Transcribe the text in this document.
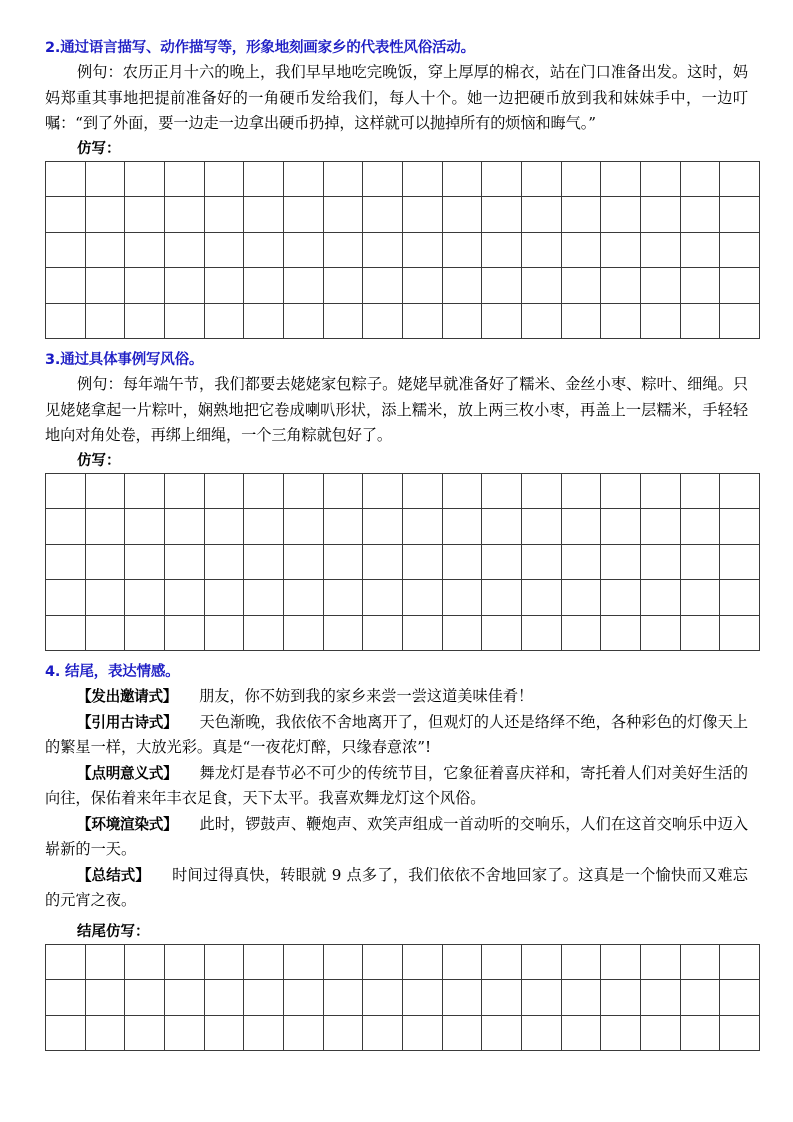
2.通过语言描写、动作描写等，形象地刻画家乡的代表性风俗活动。

例句：农历正月十六的晚上，我们早早地吃完晚饭，穿上厚厚的棉衣，站在门口准备出发。这时，妈妈郑重其事地把提前准备好的一角硬币发给我们，每人十个。她一边把硬币放到我和妹妹手中，一边叮嘱：“到了外面，要一边走一边拿出硬币扔掉，这样就可以抛掉所有的烦恼和晦气。”

仿写：

3.通过具体事例写风俗。

例句：每年端午节，我们都要去姥姥家包粽子。姥姥早就准备好了糯米、金丝小枣、粽叶、细绳。只见姥姥拿起一片粽叶，娴熟地把它卷成喇叭形状，添上糯米，放上两三枚小枣，再盖上一层糯米，手轻轻地向对角处卷，再绑上细绳，一个三角粽就包好了。

仿写：

4. 结尾，表达情感。

【发出邀请式】 朋友，你不妨到我的家乡来尝一尝这道美味佳肴！

【引用古诗式】 天色渐晚，我依依不舍地离开了，但观灯的人还是络绎不绝，各种彩色的灯像天上的繁星一样，大放光彩。真是“一夜花灯醉，只缘春意浓”!

【点明意义式】 舞龙灯是春节必不可少的传统节目，它象征着喜庆祥和，寄托着人们对美好生活的向往，保佑着来年丰衣足食，天下太平。我喜欢舞龙灯这个风俗。

【环境渲染式】 此时，锣鼓声、鞭炮声、欢笑声组成一首动听的交响乐，人们在这首交响乐中迈入崭新的一天。

【总结式】 时间过得真快，转眼就 9 点多了，我们依依不舍地回家了。这真是一个愉快而又难忘的元宵之夜。

结尾仿写：
